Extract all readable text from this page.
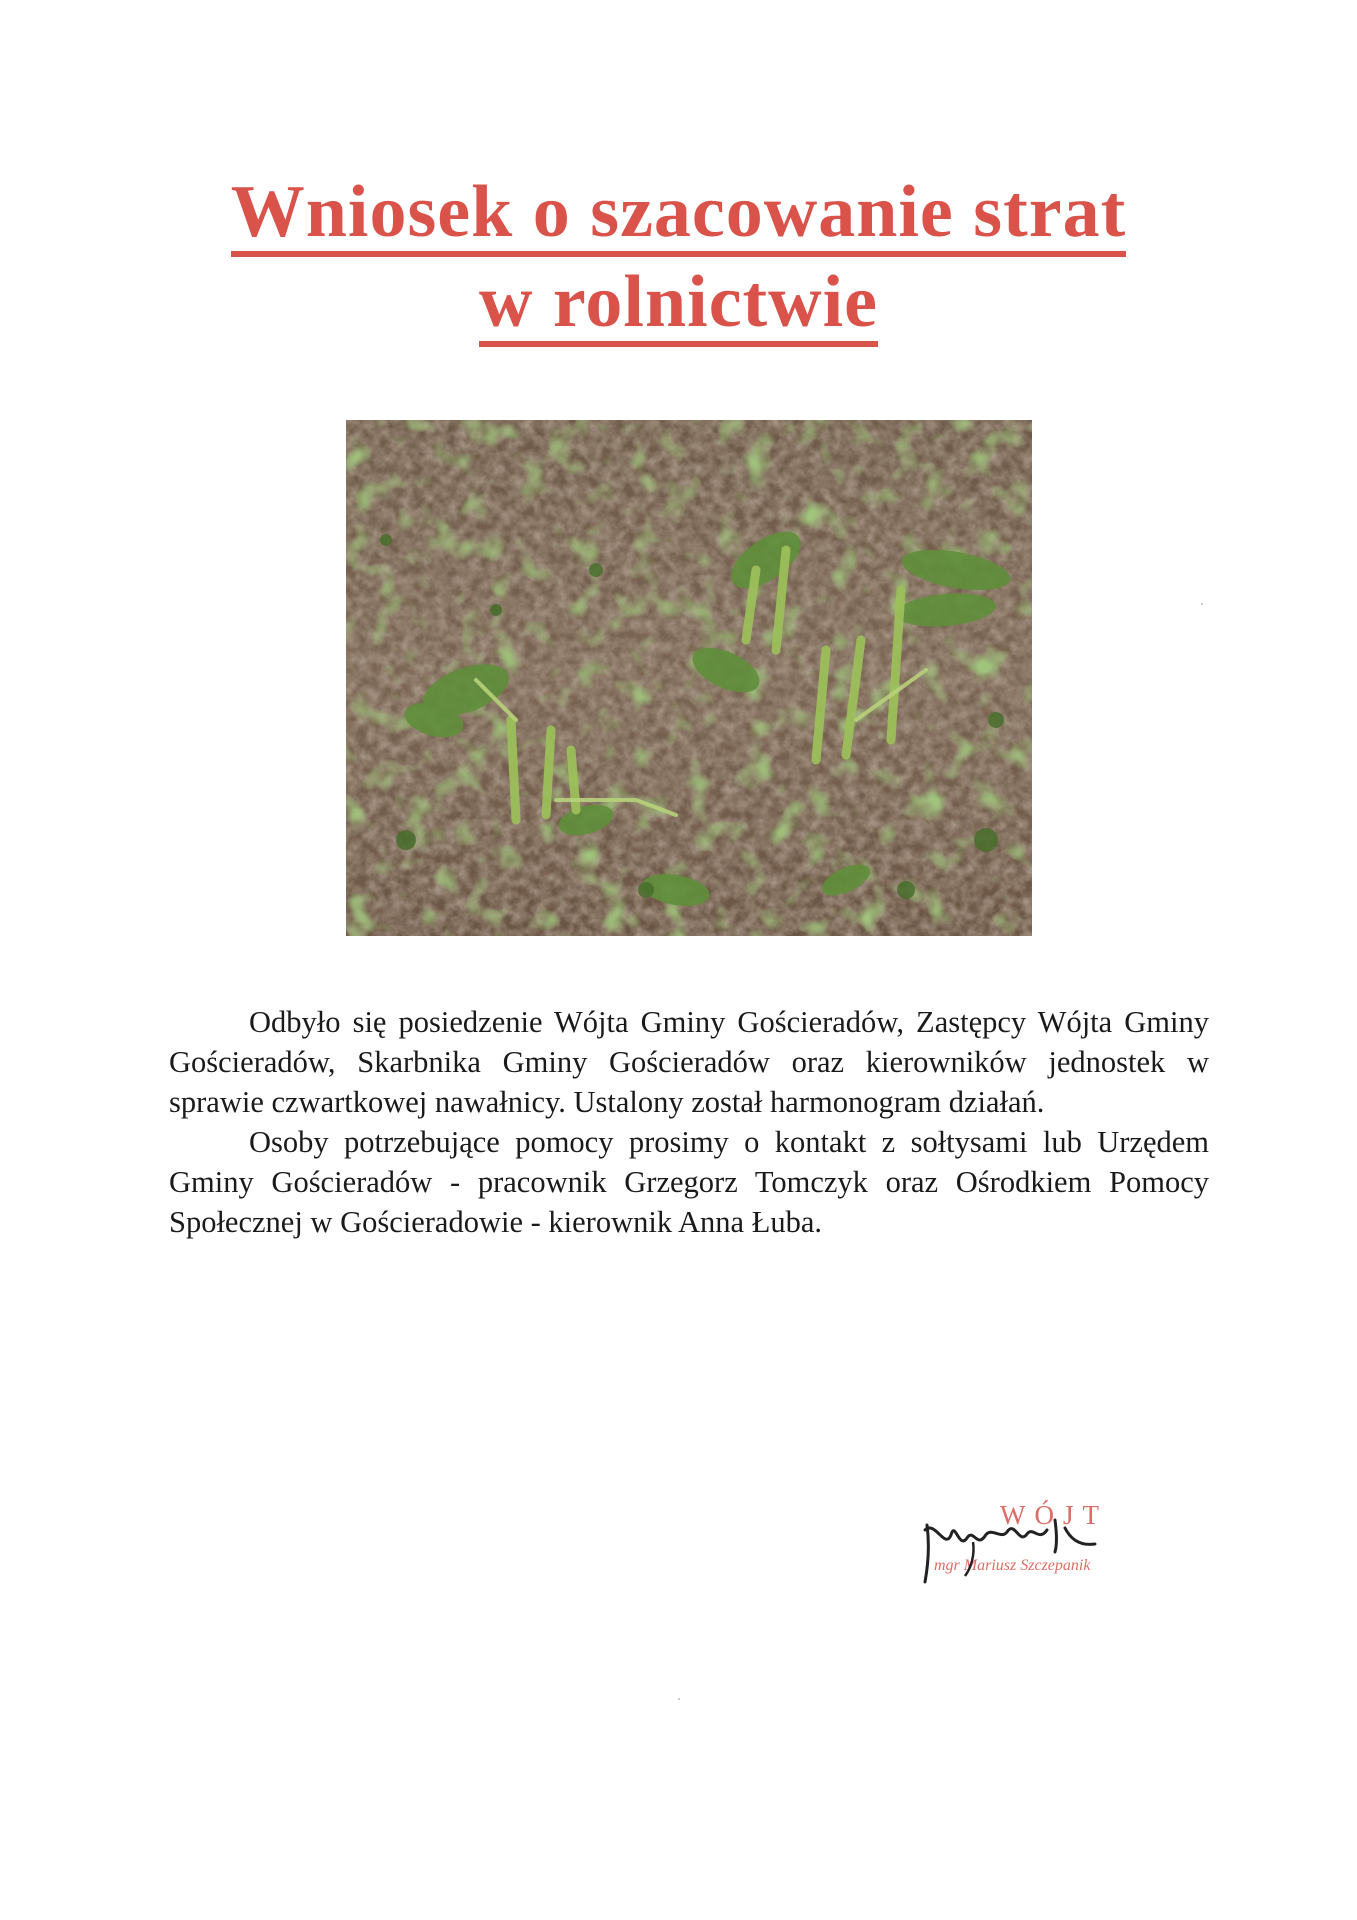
Wniosek o szacowanie strat
w rolnictwie

Odbyło się posiedzenie Wójta Gminy Gościeradów, Zastępcy Wójta Gminy Gościeradów, Skarbnika Gminy Gościeradów oraz kierowników jednostek w sprawie czwartkowej nawałnicy. Ustalony został harmonogram działań.

Osoby potrzebujące pomocy prosimy o kontakt z sołtysami lub Urzędem Gminy Gościeradów - pracownik Grzegorz Tomczyk oraz Ośrodkiem Pomocy Społecznej w Gościeradowie - kierownik Anna Łuba.

WÓJT
mgr Mariusz Szczepanik
